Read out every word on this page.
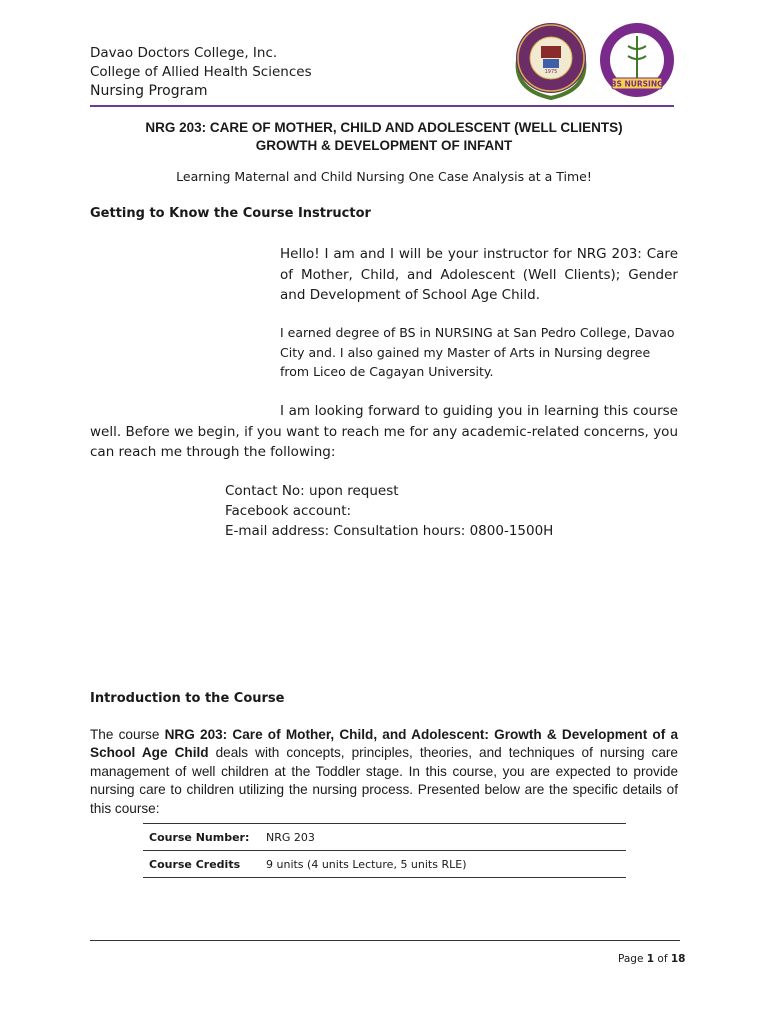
Davao Doctors College, Inc.
College of Allied Health Sciences
Nursing Program
1975
BS NURSING
NRG 203: CARE OF MOTHER, CHILD AND ADOLESCENT (WELL CLIENTS)
GROWTH & DEVELOPMENT OF INFANT
Learning Maternal and Child Nursing One Case Analysis at a Time!
Getting to Know the Course Instructor
Hello! I am and I will be your instructor for NRG 203: Care of Mother, Child, and Adolescent (Well Clients); Gender and Development of School Age Child.
I earned degree of BS in NURSING at San Pedro College, Davao City and. I also gained my Master of Arts in Nursing degree from Liceo de Cagayan University.
I am looking forward to guiding you in learning this course well. Before we begin, if you want to reach me for any academic-related concerns, you can reach me through the following:
Contact No: upon request
Facebook account:
E-mail address: Consultation hours: 0800-1500H
Introduction to the Course
The course NRG 203: Care of Mother, Child, and Adolescent: Growth & Development of a School Age Child deals with concepts, principles, theories, and techniques of nursing care management of well children at the Toddler stage. In this course, you are expected to provide nursing care to children utilizing the nursing process. Presented below are the specific details of this course:
Course Number:	NRG 203
Course Credits	9 units (4 units Lecture, 5 units RLE)
Page 1 of 18
